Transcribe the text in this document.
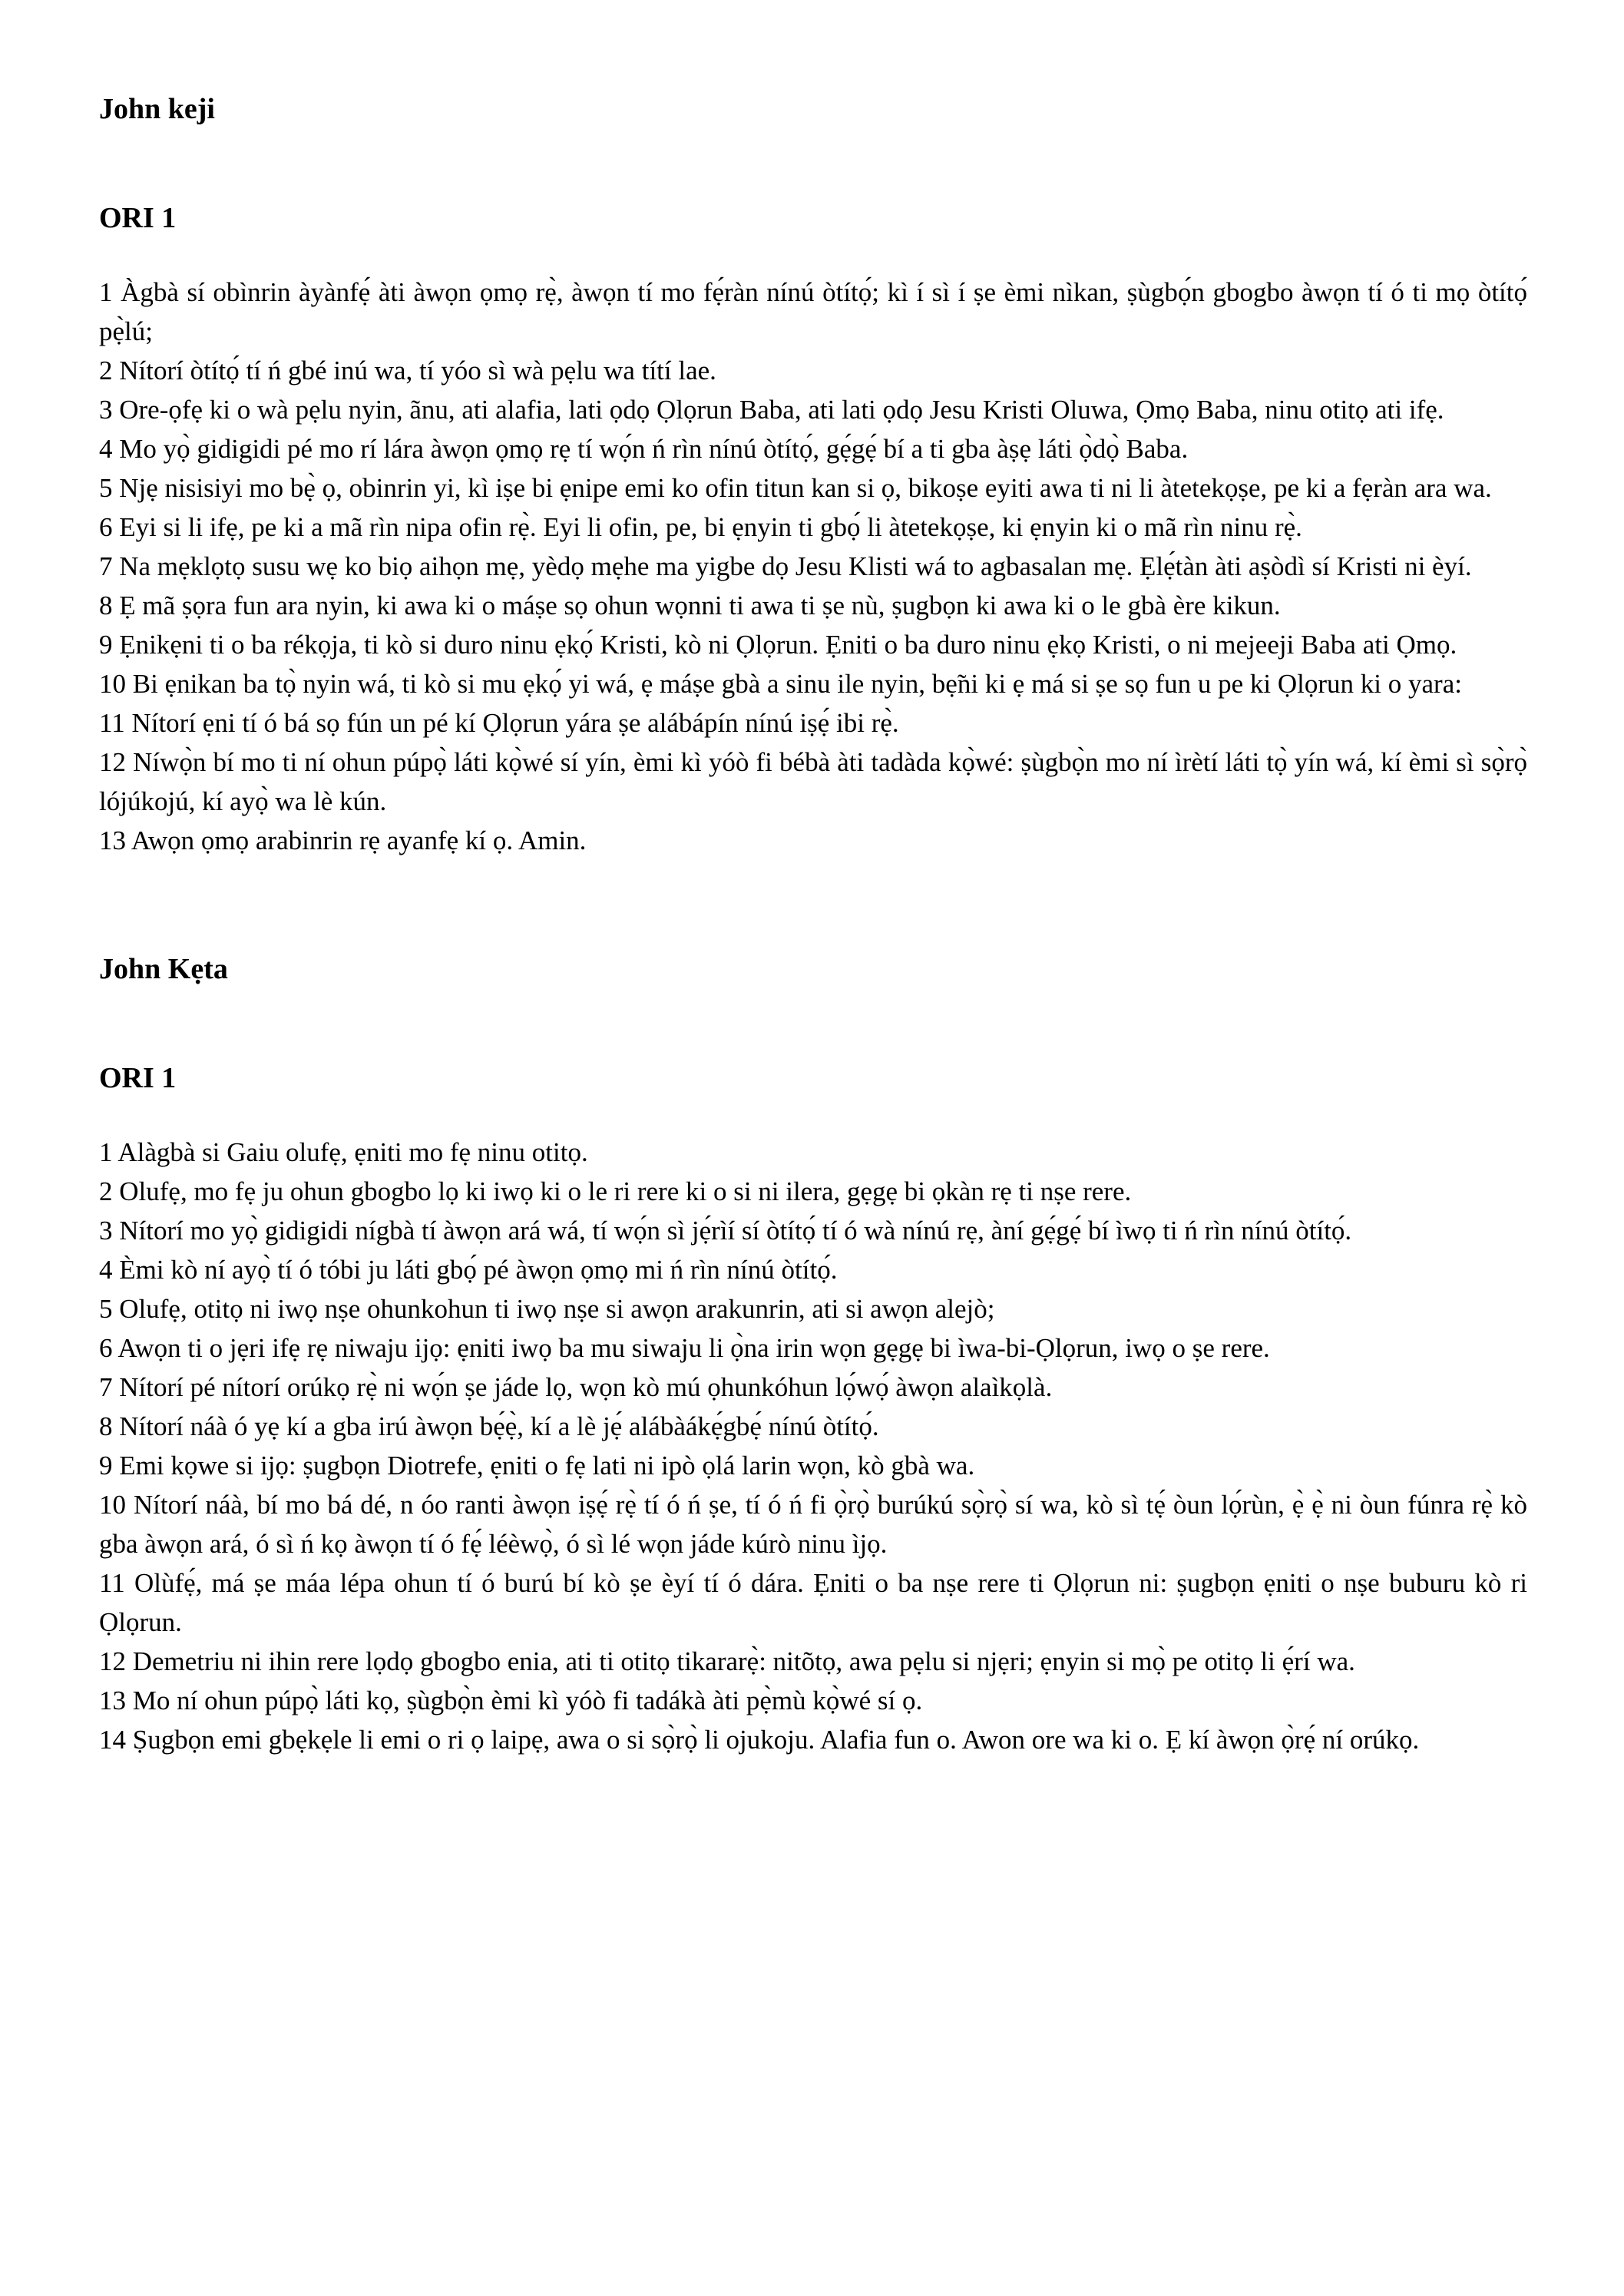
John keji
ORI 1

1 Àgbà sí obìnrin àyànfẹ́ àti àwọn ọmọ rẹ̀, àwọn tí mo fẹ́ràn nínú òtítọ́; kì í sì í ṣe èmi nìkan, ṣùgbọ́n gbogbo àwọn tí ó ti mọ òtítọ́ pẹ̀lú;

2 Nítorí òtítọ́ tí ń gbé inú wa, tí yóo sì wà pẹlu wa títí lae.

3 Ore-ọfẹ ki o wà pẹlu nyin, ãnu, ati alafia, lati ọdọ Ọlọrun Baba, ati lati ọdọ Jesu Kristi Oluwa, Ọmọ Baba, ninu otitọ ati ifẹ.

4 Mo yọ̀ gidigidi pé mo rí lára àwọn ọmọ rẹ tí wọ́n ń rìn nínú òtítọ́, gẹ́gẹ́ bí a ti gba àṣẹ láti ọ̀dọ̀ Baba.

5 Njẹ nisisiyi mo bẹ̀ ọ, obinrin yi, kì iṣe bi ẹnipe emi ko ofin titun kan si ọ, bikoṣe eyiti awa ti ni li àtetekọṣe, pe ki a fẹràn ara wa.

6 Eyi si li ifẹ, pe ki a mã rìn nipa ofin rẹ̀. Eyi li ofin, pe, bi ẹnyin ti gbọ́ li àtetekọṣe, ki ẹnyin ki o mã rìn ninu rẹ̀.

7 Na mẹklọtọ susu wẹ ko biọ aihọn mẹ, yèdọ mẹhe ma yigbe dọ Jesu Klisti wá to agbasalan mẹ. Ẹlẹ́tàn àti aṣòdì sí Kristi ni èyí.

8 Ẹ mã ṣọra fun ara nyin, ki awa ki o máṣe sọ ohun wọnni ti awa ti ṣe nù, ṣugbọn ki awa ki o le gbà ère kikun.

9 Ẹnikẹni ti o ba rékọja, ti kò si duro ninu ẹkọ́ Kristi, kò ni Ọlọrun. Ẹniti o ba duro ninu ẹkọ Kristi, o ni mejeeji Baba ati Ọmọ.

10 Bi ẹnikan ba tọ̀ nyin wá, ti kò si mu ẹkọ́ yi wá, ẹ máṣe gbà a sinu ile nyin, bẹ̃ni ki ẹ má si ṣe sọ fun u pe ki Ọlọrun ki o yara:

11 Nítorí ẹni tí ó bá sọ fún un pé kí Ọlọrun yára ṣe alábápín nínú iṣẹ́ ibi rẹ̀.

12 Níwọ̀n bí mo ti ní ohun púpọ̀ láti kọ̀wé sí yín, èmi kì yóò fi bébà àti tadàda kọ̀wé: ṣùgbọ̀n mo ní ìrètí láti tọ̀ yín wá, kí èmi sì sọ̀rọ̀ lójúkojú, kí ayọ̀ wa lè kún.

13 Awọn ọmọ arabinrin rẹ ayanfẹ kí ọ. Amin.

John Kẹta
ORI 1

1 Alàgbà si Gaiu olufẹ, ẹniti mo fẹ ninu otitọ.

2 Olufẹ, mo fẹ ju ohun gbogbo lọ ki iwọ ki o le ri rere ki o si ni ilera, gẹgẹ bi ọkàn rẹ ti nṣe rere.

3 Nítorí mo yọ̀ gidigidi nígbà tí àwọn ará wá, tí wọ́n sì jẹ́rìí sí òtítọ́ tí ó wà nínú rẹ, àní gẹ́gẹ́ bí ìwọ ti ń rìn nínú òtítọ́.

4 Èmi kò ní ayọ̀ tí ó tóbi ju láti gbọ́ pé àwọn ọmọ mi ń rìn nínú òtítọ́.

5 Olufẹ, otitọ ni iwọ nṣe ohunkohun ti iwọ nṣe si awọn arakunrin, ati si awọn alejò;

6 Awọn ti o jẹri ifẹ rẹ niwaju ijọ: ẹniti iwọ ba mu siwaju li ọ̀na irin wọn gẹgẹ bi ìwa-bi-Ọlọrun, iwọ o ṣe rere.

7 Nítorí pé nítorí orúkọ rẹ̀ ni wọ́n ṣe jáde lọ, wọn kò mú ọhunkóhun lọ́wọ́ àwọn alaìkọlà.

8 Nítorí náà ó yẹ kí a gba irú àwọn bẹ́ẹ̀, kí a lè jẹ́ alábàákẹ́gbẹ́ nínú òtítọ́.

9 Emi kọwe si ijọ: ṣugbọn Diotrefe, ẹniti o fẹ lati ni ipò ọlá larin wọn, kò gbà wa.

10 Nítorí náà, bí mo bá dé, n óo ranti àwọn iṣẹ́ rẹ̀ tí ó ń ṣe, tí ó ń fi ọ̀rọ̀ burúkú sọ̀rọ̀ sí wa, kò sì tẹ́ òun lọ́rùn, ẹ̀ ẹ̀ ni òun fúnra rẹ̀ kò gba àwọn ará, ó sì ń kọ àwọn tí ó fẹ́ léèwọ̀, ó sì lé wọn jáde kúrò ninu ìjọ.

11 Olùfẹ́, má ṣe máa lépa ohun tí ó burú bí kò ṣe èyí tí ó dára. Ẹniti o ba nṣe rere ti Ọlọrun ni: ṣugbọn ẹniti o nṣe buburu kò ri Ọlọrun.

12 Demetriu ni ihin rere lọdọ gbogbo enia, ati ti otitọ tikararẹ̀: nitõtọ, awa pẹlu si njẹri; ẹnyin si mọ̀ pe otitọ li ẹ́rí wa.

13 Mo ní ohun púpọ̀ láti kọ, ṣùgbọ̀n èmi kì yóò fi tadákà àti pẹ̀mù kọ̀wé sí ọ.

14 Ṣugbọn emi gbẹkẹle li emi o ri ọ laipẹ, awa o si sọ̀rọ̀ li ojukoju. Alafia fun o. Awon ore wa ki o. Ẹ kí àwọn ọ̀rẹ́ ní orúkọ.
